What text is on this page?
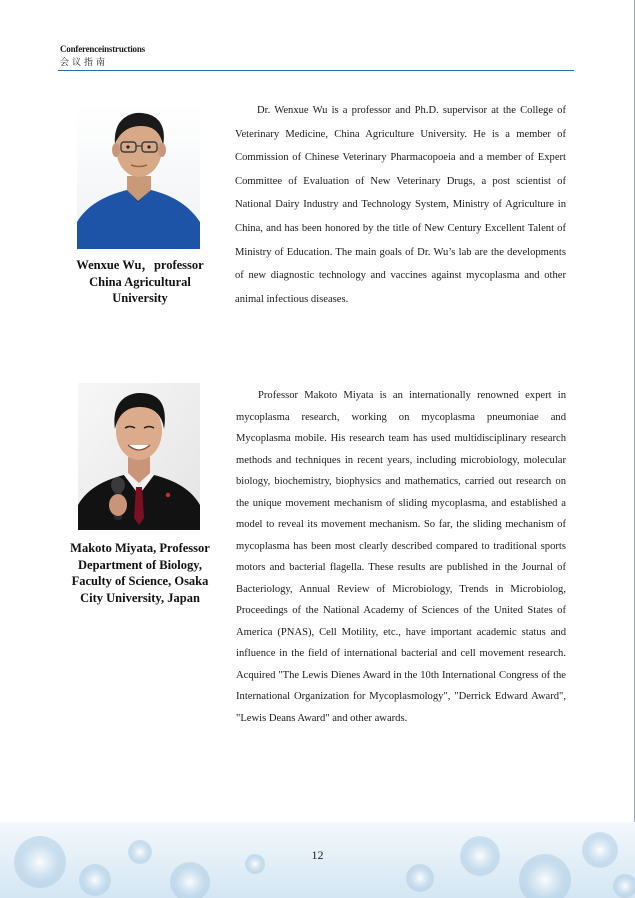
Conferenceinstructions
会议指南
Wenxue Wu，professor
China Agricultural
University

Dr. Wenxue Wu is a professor and Ph.D. supervisor at the College of Veterinary Medicine, China Agriculture University. He is a member of Commission of Chinese Veterinary Pharmacopoeia and a member of Expert Committee of Evaluation of New Veterinary Drugs, a post scientist of National Dairy Industry and Technology System, Ministry of Agriculture in China, and has been honored by the title of New Century Excellent Talent of Ministry of Education. The main goals of Dr. Wu’s lab are the developments of new diagnostic technology and vaccines against mycoplasma and other animal infectious diseases.

Makoto Miyata, Professor
Department of Biology,
Faculty of Science, Osaka
City University, Japan

Professor Makoto Miyata is an internationally renowned expert in mycoplasma research, working on mycoplasma pneumoniae and Mycoplasma mobile. His research team has used multidisciplinary research methods and techniques in recent years, including microbiology, molecular biology, biochemistry, biophysics and mathematics, carried out research on the unique movement mechanism of sliding mycoplasma, and established a model to reveal its movement mechanism. So far, the sliding mechanism of mycoplasma has been most clearly described compared to traditional sports motors and bacterial flagella. These results are published in the Journal of Bacteriology, Annual Review of Microbiology, Trends in Microbiolog, Proceedings of the National Academy of Sciences of the United States of America (PNAS), Cell Motility, etc., have important academic status and influence in the field of international bacterial and cell movement research. Acquired "The Lewis Dienes Award in the 10th International Congress of the International Organization for Mycoplasmology", "Derrick Edward Award", "Lewis Deans Award" and other awards.

12
